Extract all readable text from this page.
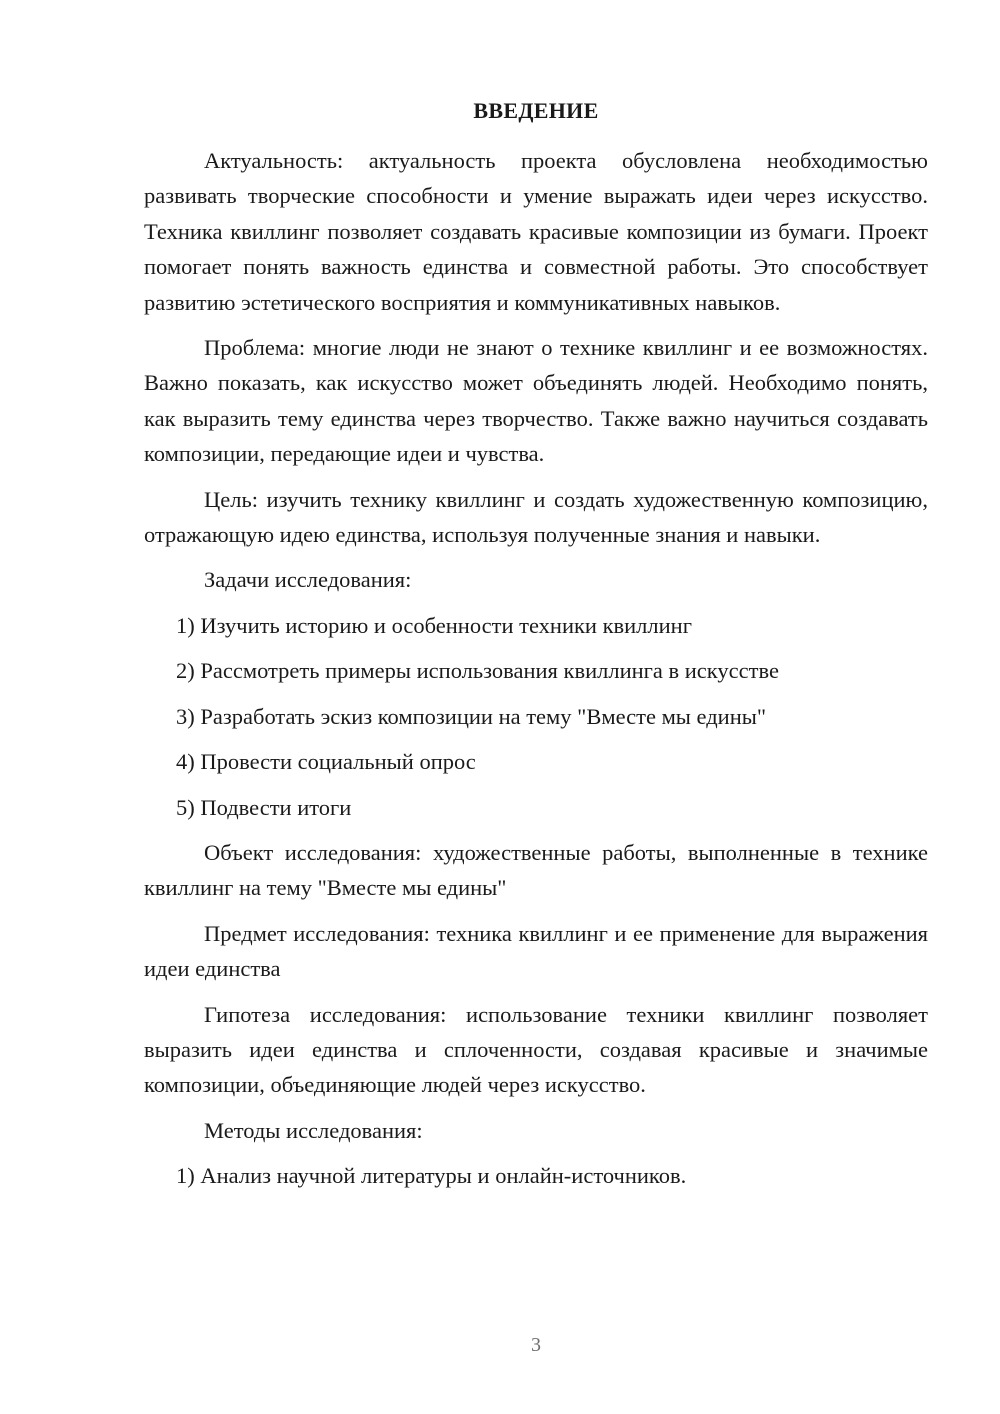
ВВЕДЕНИЕ

Актуальность: актуальность проекта обусловлена необходимостью развивать творческие способности и умение выражать идеи через искусство. Техника квиллинг позволяет создавать красивые композиции из бумаги. Проект помогает понять важность единства и совместной работы. Это способствует развитию эстетического восприятия и коммуникативных навыков.

Проблема: многие люди не знают о технике квиллинг и ее возможностях. Важно показать, как искусство может объединять людей. Необходимо понять, как выразить тему единства через творчество. Также важно научиться создавать композиции, передающие идеи и чувства.

Цель: изучить технику квиллинг и создать художественную композицию, отражающую идею единства, используя полученные знания и навыки.

Задачи исследования:

1) Изучить историю и особенности техники квиллинг

2) Рассмотреть примеры использования квиллинга в искусстве

3) Разработать эскиз композиции на тему "Вместе мы едины"

4) Провести социальный опрос

5) Подвести итоги

Объект исследования: художественные работы, выполненные в технике квиллинг на тему "Вместе мы едины"

Предмет исследования: техника квиллинг и ее применение для выражения идеи единства

Гипотеза исследования: использование техники квиллинг позволяет выразить идеи единства и сплоченности, создавая красивые и значимые композиции, объединяющие людей через искусство.

Методы исследования:

1) Анализ научной литературы и онлайн-источников.

3
